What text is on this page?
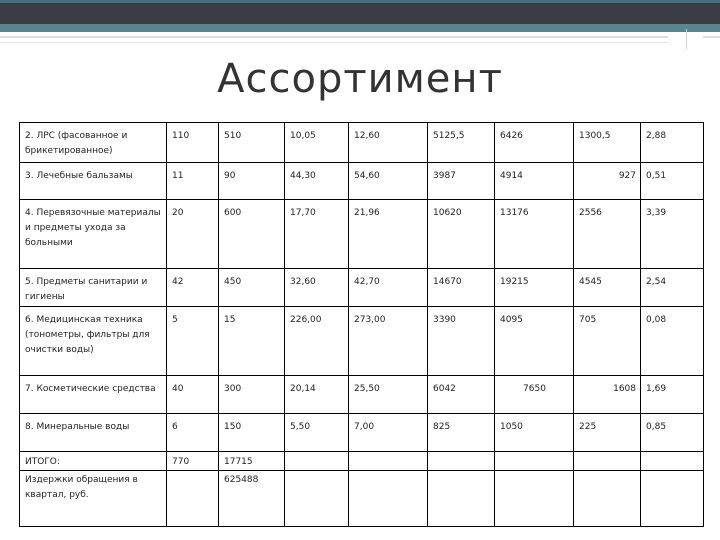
Ассортимент
2. ЛРС (фасованное и брикетированное)	110	510	10,05	12,60	5125,5	6426	1300,5	2,88
3. Лечебные бальзамы	11	90	44,30	54,60	3987	4914	927	0,51
4. Перевязочные материалы и предметы ухода за больными	20	600	17,70	21,96	10620	13176	2556	3,39
5. Предметы санитарии и гигиены	42	450	32,60	42,70	14670	19215	4545	2,54
6. Медицинская техника (тонометры, фильтры для очистки воды)	5	15	226,00	273,00	3390	4095	705	0,08
7. Косметические средства	40	300	20,14	25,50	6042	7650	1608	1,69
8. Минеральные воды	6	150	5,50	7,00	825	1050	225	0,85
ИТОГО:	770	17715						
Издержки обращения в квартал, руб.		625488						
